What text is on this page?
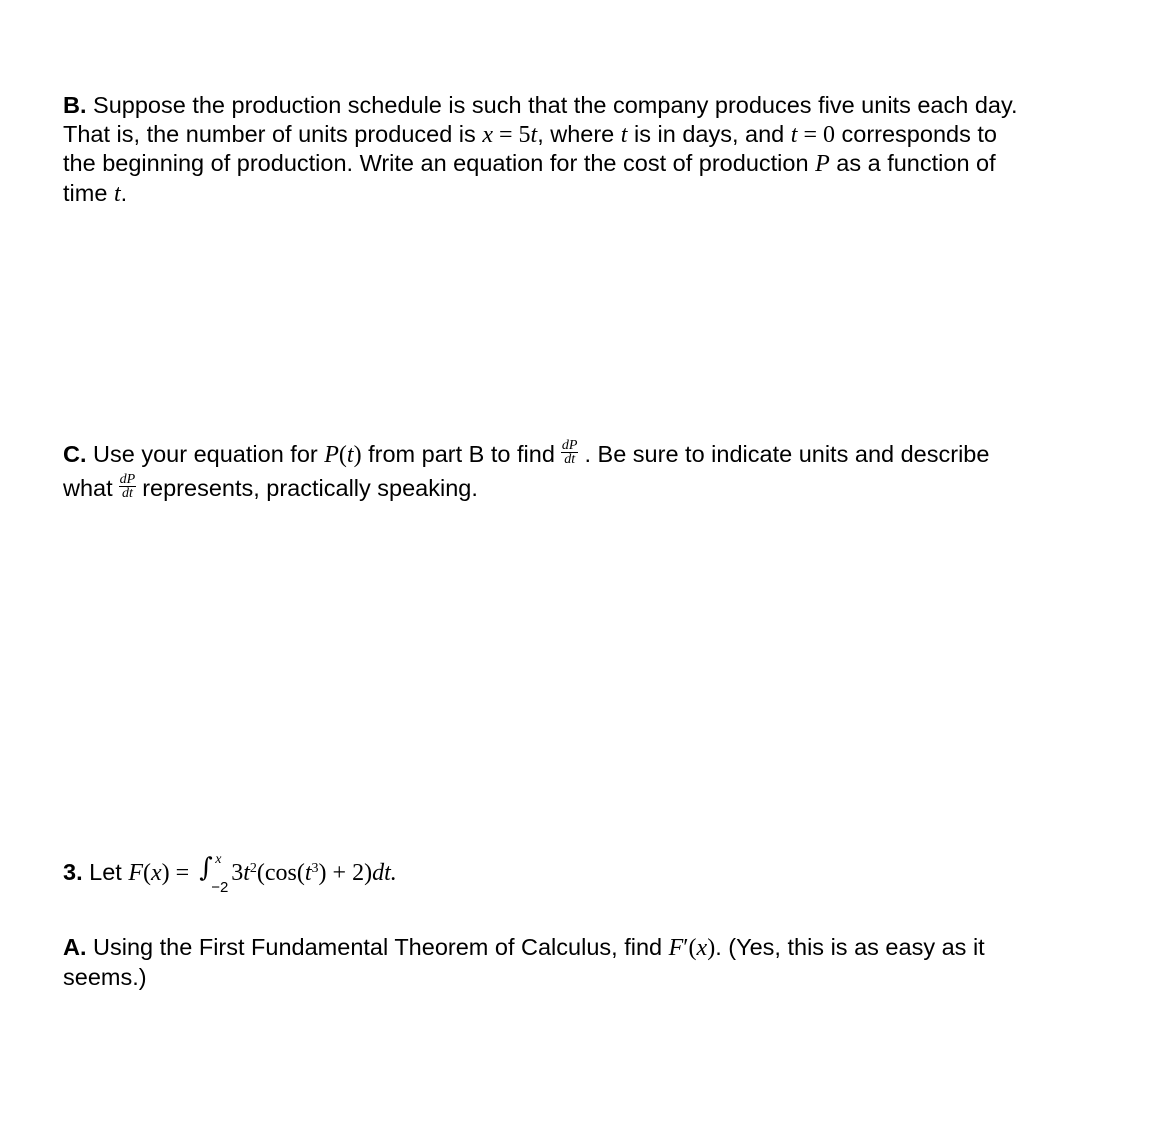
B. Suppose the production schedule is such that the company produces five units each day.
That is, the number of units produced is x = 5t, where t is in days, and t = 0 corresponds to
the beginning of production. Write an equation for the cost of production P as a function of
time t.
C. Use your equation for P(t) from part B to find $\frac{dP}{dt}$ . Be sure to indicate units and describe
what $\frac{dP}{dt}$ represents, practically speaking.
3. Let F(x) = ∫ x
−2
$3t^2(\cos(t^3) + 2)dt$.
A. Using the First Fundamental Theorem of Calculus, find F′(x). (Yes, this is as easy as it
seems.)
